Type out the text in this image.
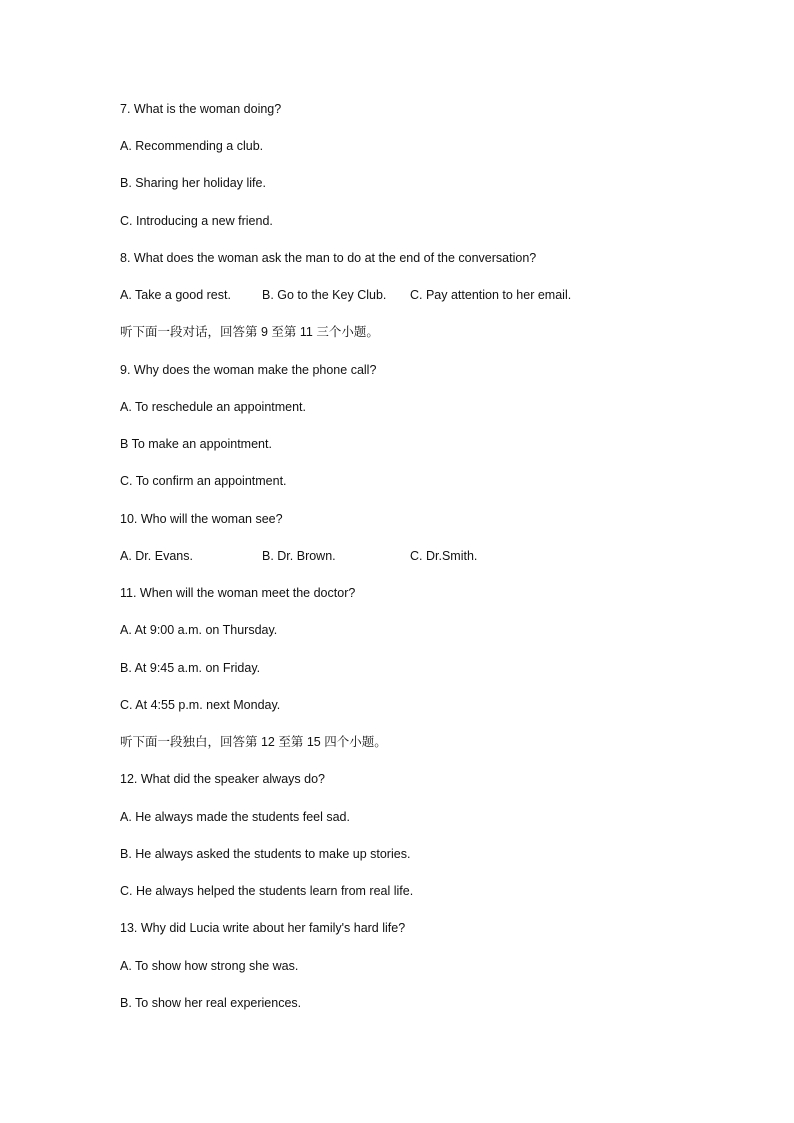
7. What is the woman doing?
A. Recommending a club.
B. Sharing her holiday life.
C. Introducing a new friend.
8. What does the woman ask the man to do at the end of the conversation?
A. Take a good rest. B. Go to the Key Club. C. Pay attention to her email.
听下面一段对话，回答第 9 至第 11 三个小题。
9. Why does the woman make the phone call?
A. To reschedule an appointment.
B To make an appointment.
C. To confirm an appointment.
10. Who will the woman see?
A. Dr. Evans.	B. Dr. Brown.	C. Dr.Smith.
11. When will the woman meet the doctor?
A. At 9:00 a.m. on Thursday.
B. At 9:45 a.m. on Friday.
C. At 4:55 p.m. next Monday.
听下面一段独白，回答第 12 至第 15 四个小题。
12. What did the speaker always do?
A. He always made the students feel sad.
B. He always asked the students to make up stories.
C. He always helped the students learn from real life.
13. Why did Lucia write about her family's hard life?
A. To show how strong she was.
B. To show her real experiences.
